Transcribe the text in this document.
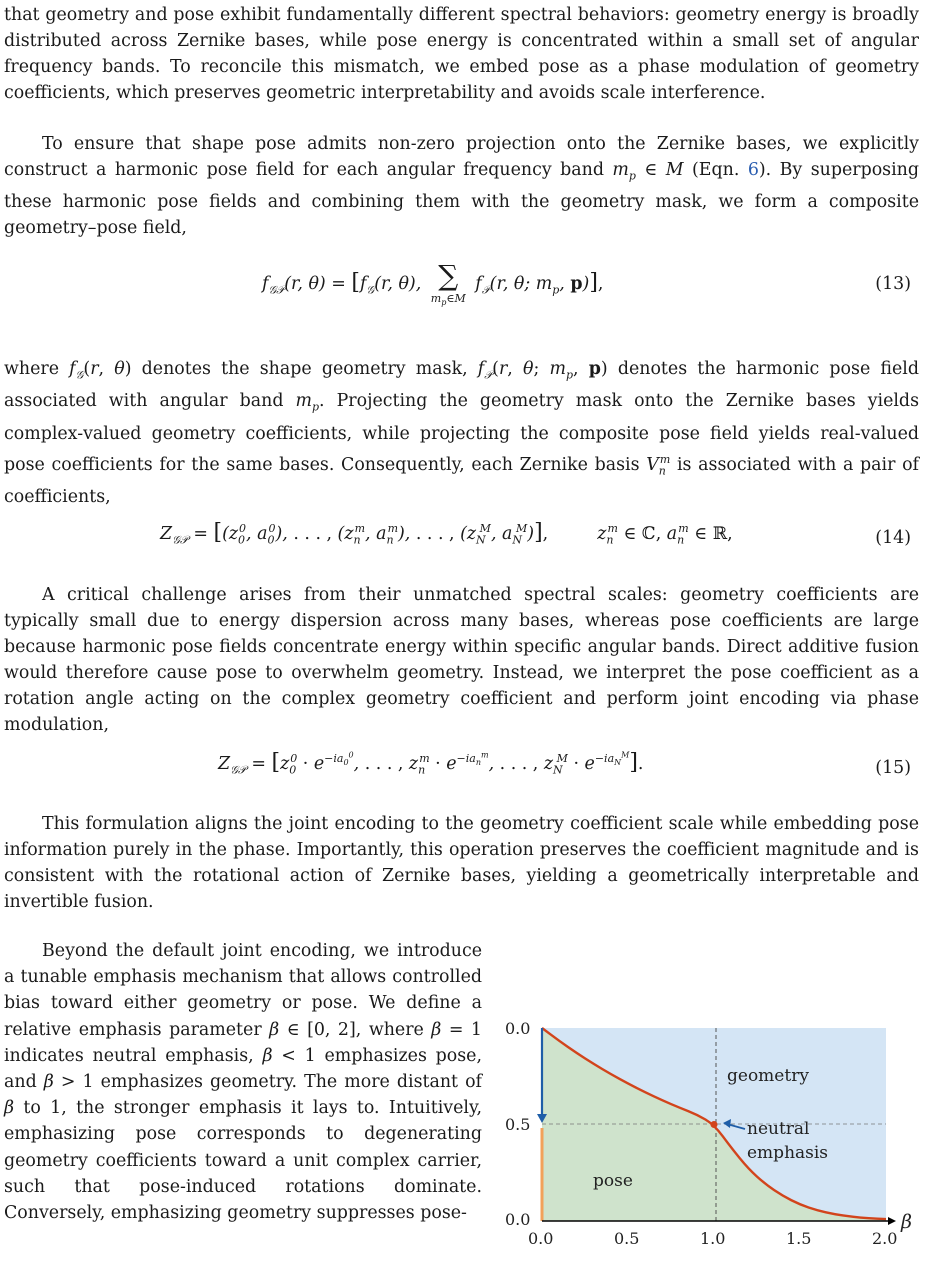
that geometry and pose exhibit fundamentally different spectral behaviors: geometry energy is broadly distributed across Zernike bases, while pose energy is concentrated within a small set of angular frequency bands. To reconcile this mismatch, we embed pose as a phase modulation of geometry coefficients, which preserves geometric interpretability and avoids scale interference.

To ensure that shape pose admits non-zero projection onto the Zernike bases, we explicitly construct a harmonic pose field for each angular frequency band $m_p$ ∈ M (Eqn. 6). By superposing these harmonic pose fields and combining them with the geometry mask, we form a composite geometry–pose field,

$f_{𝒢𝒫}(r$, $\theta) = [f_𝒢(r$, θ), ∑
$m_p\in M$
$f_𝒫(r$, θ; $m_p$, p)],	(13)

where $f_𝒢(r$, θ) denotes the shape geometry mask, $f_𝒫(r$, θ; $m_p$, p) denotes the harmonic pose field associated with angular band $m_p$. Projecting the geometry mask onto the Zernike bases yields complex-valued geometry coefficients, while projecting the composite pose field yields real-valued pose coefficients for the same bases. Consequently, each Zernike basis $V_n^m$ is associated with a pair of coefficients,

$Z_{𝒢𝒫} = [(z_0^0$, $a_0^0$), . . . , ($z_n^m$, $a_n^m$), . . . , ($z_N^M$, $a_N^M$)],	$z_n^m$ ∈ ℂ, $a_n^m$ ∈ ℝ,	(14)

A critical challenge arises from their unmatched spectral scales: geometry coefficients are typically small due to energy dispersion across many bases, whereas pose coefficients are large because harmonic pose fields concentrate energy within specific angular bands. Direct additive fusion would therefore cause pose to overwhelm geometry. Instead, we interpret the pose coefficient as a rotation angle acting on the complex geometry coefficient and perform joint encoding via phase modulation,

$Z_{𝒢𝒫} = [z_0^0 \cdot e^{-ia_0^0}$, . . . , $z_n^m \cdot e^{-ia_n^m}$, . . . , $z_N^M \cdot e^{-ia_N^M}$].	(15)

This formulation aligns the joint encoding to the geometry coefficient scale while embedding pose information purely in the phase. Importantly, this operation preserves the coefficient magnitude and is consistent with the rotational action of Zernike bases, yielding a geometrically interpretable and invertible fusion.

Beyond the default joint encoding, we introduce a tunable emphasis mechanism that allows controlled bias toward either geometry or pose. We define a relative emphasis parameter β ∈ [0, 2], where β = 1 indicates neutral emphasis, β < 1 emphasizes pose, and β > 1 emphasizes geometry. The more distant of β to 1, the stronger emphasis it lays to. Intuitively, emphasizing pose corresponds to degenerating geometry coefficients toward a unit complex carrier, such that pose-induced rotations dominate. Conversely, emphasizing geometry suppresses pose-

0.0	0.5	1.0	1.5	2.0
0.0
0.5
0.0	β
geometry
pose
neutral
emphasis
